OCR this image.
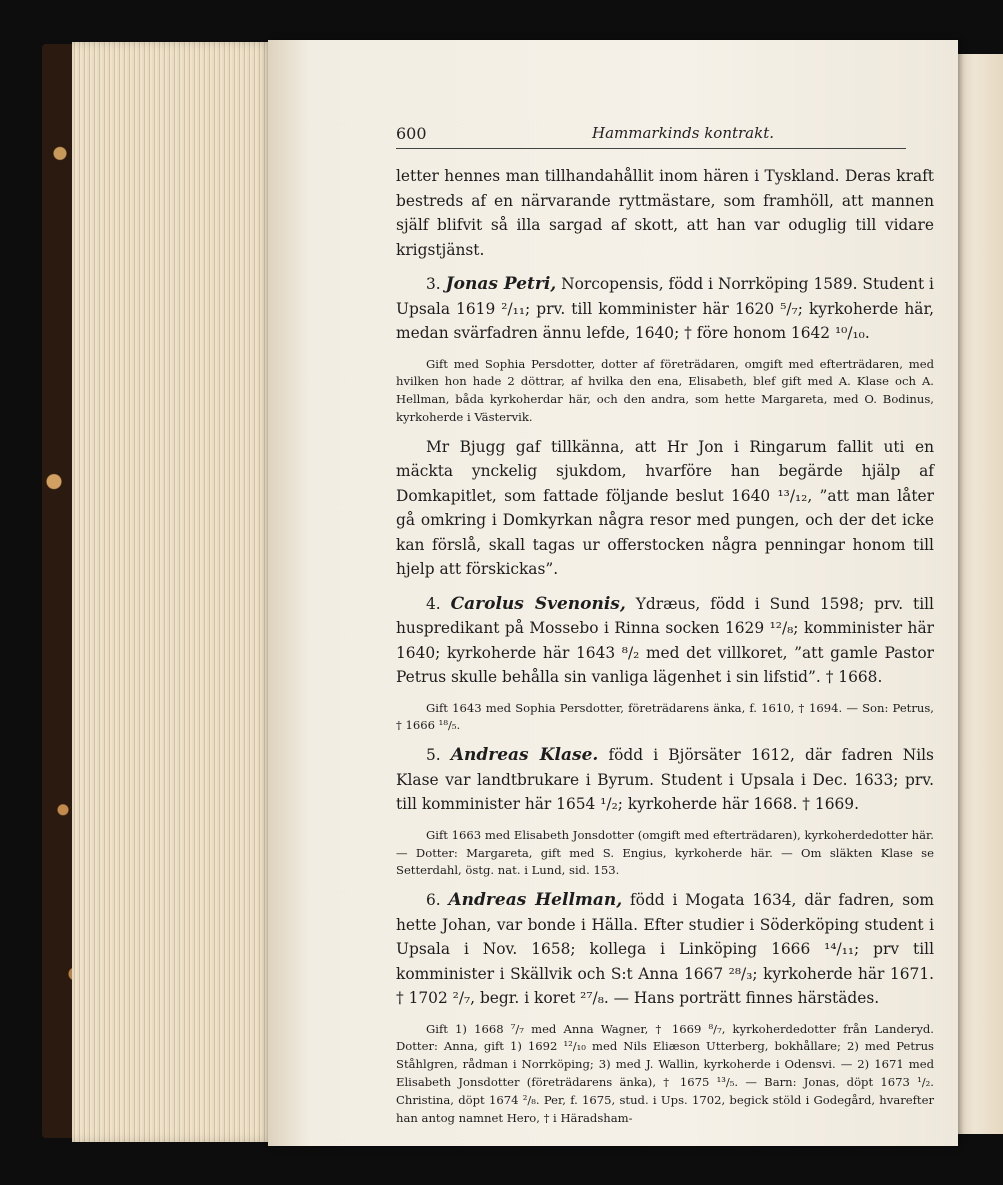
600	Hammarkinds kontrakt.

letter hennes man tillhandahållit inom hären i Tyskland. Deras kraft bestreds af en närvarande ryttmästare, som framhöll, att mannen själf blifvit så illa sargad af skott, att han var oduglig till vidare krigstjänst.

3. Jonas Petri, Norcopensis, född i Norrköping 1589. Student i Upsala 1619 ²/₁₁; prv. till komminister här 1620 ⁵/₇; kyrkoherde här, medan svärfadren ännu lefde, 1640; † före honom 1642 ¹⁰/₁₀.

Gift med Sophia Persdotter, dotter af företrädaren, omgift med efterträdaren, med hvilken hon hade 2 döttrar, af hvilka den ena, Elisabeth, blef gift med A. Klase och A. Hellman, båda kyrkoherdar här, och den andra, som hette Margareta, med O. Bodinus, kyrkoherde i Västervik.

Mr Bjugg gaf tillkänna, att Hr Jon i Ringarum fallit uti en mäckta ynckelig sjukdom, hvarföre han begärde hjälp af Domkapitlet, som fattade följande beslut 1640 ¹³/₁₂, ”att man låter gå omkring i Domkyrkan några resor med pungen, och der det icke kan förslå, skall tagas ur offerstocken några penningar honom till hjelp att förskickas”.

4. Carolus Svenonis, Ydræus, född i Sund 1598; prv. till huspredikant på Mossebo i Rinna socken 1629 ¹²/₈; komminister här 1640; kyrkoherde här 1643 ⁸/₂ med det villkoret, ”att gamle Pastor Petrus skulle behålla sin vanliga lägenhet i sin lifstid”. † 1668.

Gift 1643 med Sophia Persdotter, företrädarens änka, f. 1610, † 1694. — Son: Petrus, † 1666 ¹⁸/₅.

5. Andreas Klase. född i Björsäter 1612, där fadren Nils Klase var landtbrukare i Byrum. Student i Upsala i Dec. 1633; prv. till komminister här 1654 ¹/₂; kyrkoherde här 1668. † 1669.

Gift 1663 med Elisabeth Jonsdotter (omgift med efterträdaren), kyrkoherdedotter här. — Dotter: Margareta, gift med S. Engius, kyrkoherde här. — Om släkten Klase se Setterdahl, östg. nat. i Lund, sid. 153.

6. Andreas Hellman, född i Mogata 1634, där fadren, som hette Johan, var bonde i Hälla. Efter studier i Söderköping student i Upsala i Nov. 1658; kollega i Linköping 1666 ¹⁴/₁₁; prv till komminister i Skällvik och S:t Anna 1667 ²⁸/₃; kyrkoherde här 1671. † 1702 ²/₇, begr. i koret ²⁷/₈. — Hans porträtt finnes härstädes.

Gift 1) 1668 ⁷/₇ med Anna Wagner, † 1669 ⁸/₇, kyrkoherdedotter från Landeryd. Dotter: Anna, gift 1) 1692 ¹²/₁₀ med Nils Eliæson Utterberg, bokhållare; 2) med Petrus Ståhlgren, rådman i Norrköping; 3) med J. Wallin, kyrkoherde i Odensvi. — 2) 1671 med Elisabeth Jonsdotter (företrädarens änka), † 1675 ¹³/₅. — Barn: Jonas, döpt 1673 ¹/₂. Christina, döpt 1674 ²/₈. Per, f. 1675, stud. i Ups. 1702, begick stöld i Godegård, hvarefter han antog namnet Hero, † i Häradsham-
